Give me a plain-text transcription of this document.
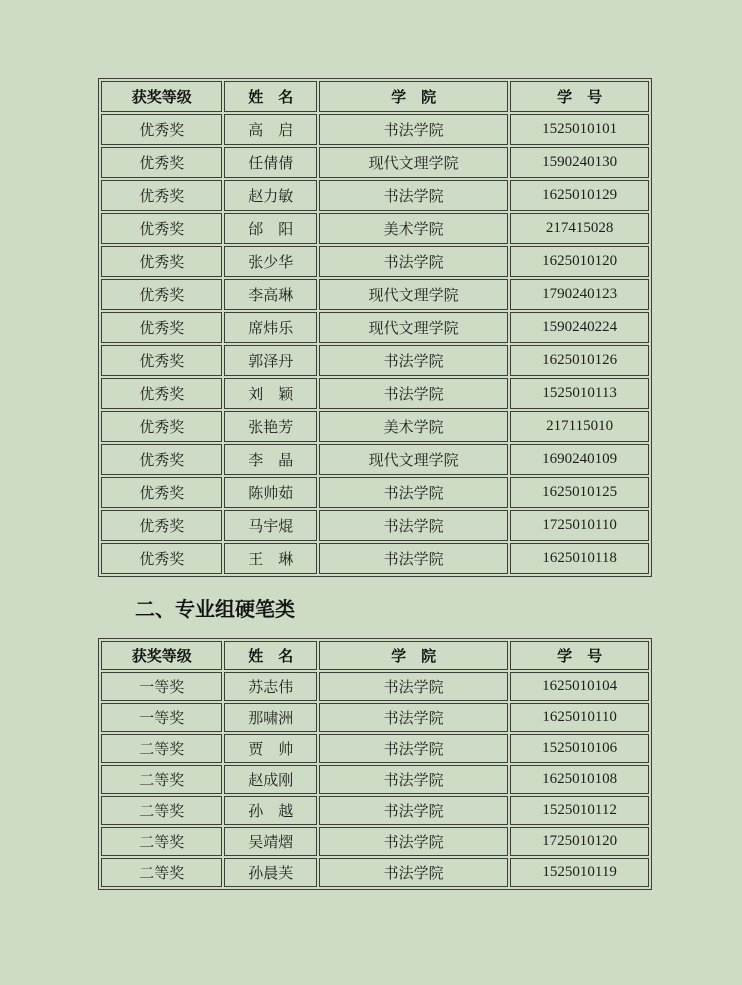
获奖等级	姓　名	学　院	学　号
优秀奖	高　启	书法学院	1525010101
优秀奖	任倩倩	现代文理学院	1590240130
优秀奖	赵力敏	书法学院	1625010129
优秀奖	邰　阳	美术学院	217415028
优秀奖	张少华	书法学院	1625010120
优秀奖	李高琳	现代文理学院	1790240123
优秀奖	席炜乐	现代文理学院	1590240224
优秀奖	郭泽丹	书法学院	1625010126
优秀奖	刘　颖	书法学院	1525010113
优秀奖	张艳芳	美术学院	217115010
优秀奖	李　晶	现代文理学院	1690240109
优秀奖	陈帅茹	书法学院	1625010125
优秀奖	马宇焜	书法学院	1725010110
优秀奖	王　琳	书法学院	1625010118
二、专业组硬笔类
获奖等级	姓　名	学　院	学　号
一等奖	苏志伟	书法学院	1625010104
一等奖	那啸洲	书法学院	1625010110
二等奖	贾　帅	书法学院	1525010106
二等奖	赵成刚	书法学院	1625010108
二等奖	孙　越	书法学院	1525010112
二等奖	吴靖熠	书法学院	1725010120
二等奖	孙晨芙	书法学院	1525010119
